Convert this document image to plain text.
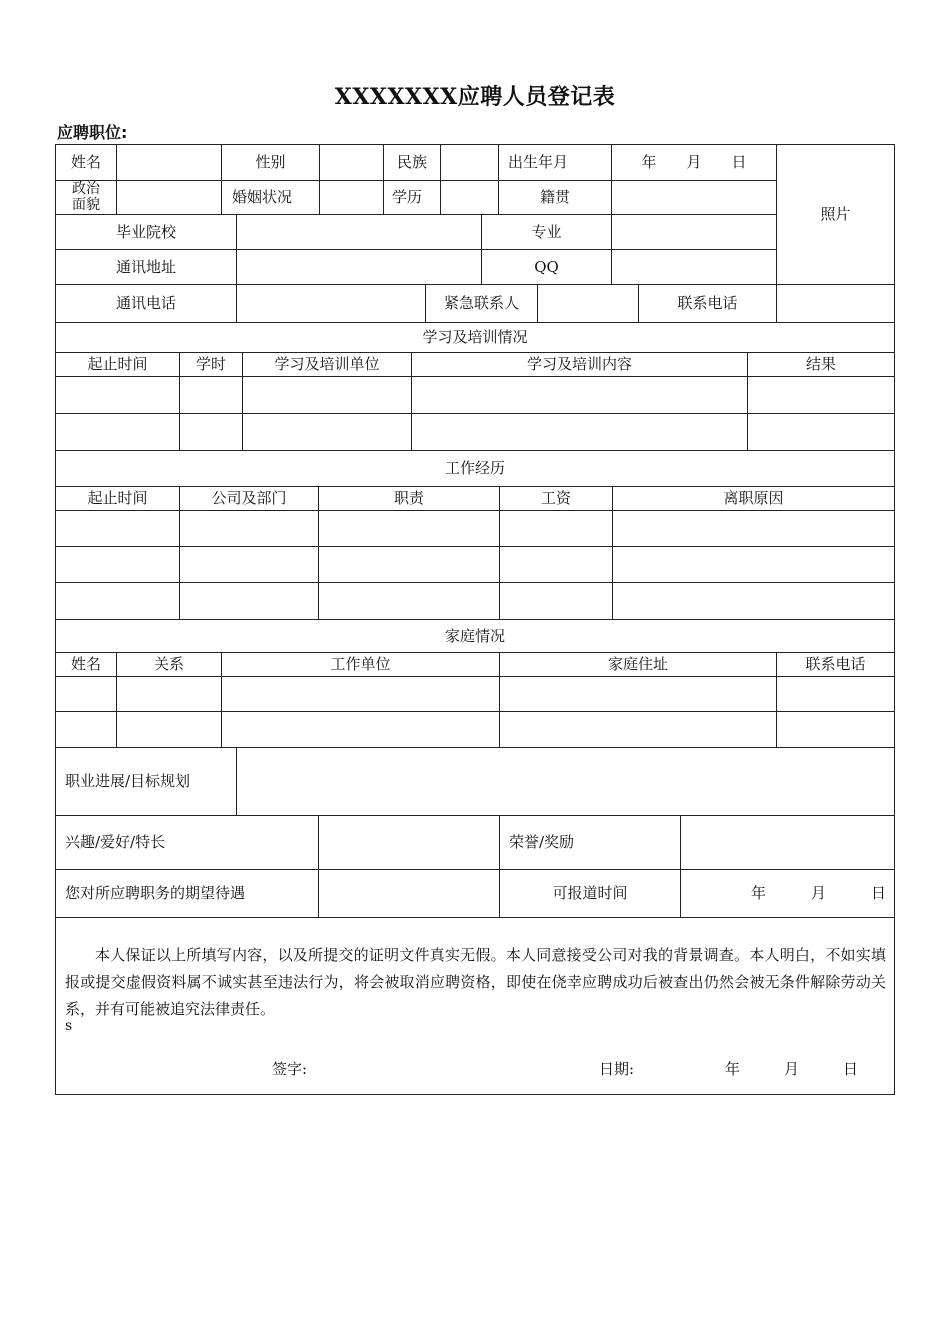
XXXXXXX应聘人员登记表
应聘职位:
姓名	性别	民族	出生年月	年　　月　　日
照片
政治面貌	婚姻状况	学历	籍贯
毕业院校	专业
通讯地址	QQ
通讯电话	紧急联系人	联系电话
学习及培训情况
起止时间	学时	学习及培训单位	学习及培训内容	结果
工作经历
起止时间	公司及部门	职责	工资	离职原因
家庭情况
姓名	关系	工作单位	家庭住址	联系电话
职业进展/目标规划
兴趣/爱好/特长	荣誉/奖励
您对所应聘职务的期望待遇	可报道时间	年　　　月　　　日
本人保证以上所填写内容，以及所提交的证明文件真实无假。本人同意接受公司对我的背景调查。本人明白，不如实填报或提交虚假资料属不诚实甚至违法行为，将会被取消应聘资格，即使在侥幸应聘成功后被查出仍然会被无条件解除劳动关系，并有可能被追究法律责任。
s
签字:	日期:	年	月	日
